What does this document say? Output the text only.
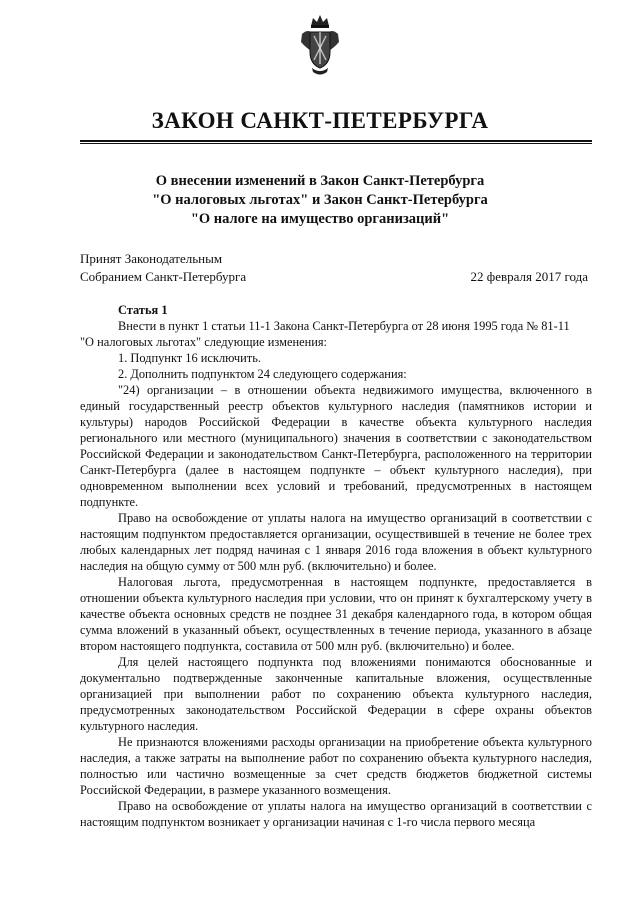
ЗАКОН САНКТ-ПЕТЕРБУРГА
О внесении изменений в Закон Санкт-Петербурга
"О налоговых льготах" и Закон Санкт-Петербурга
"О налоге на имущество организаций"
Принят Законодательным
Собранием Санкт-Петербурга	22 февраля 2017 года

Статья 1

Внести в пункт 1 статьи 11-1 Закона Санкт-Петербурга от 28 июня 1995 года № 81-11

"О налоговых льготах" следующие изменения:

1. Подпункт 16 исключить.

2. Дополнить подпунктом 24 следующего содержания:

"24) организации – в отношении объекта недвижимого имущества, включенного в единый государственный реестр объектов культурного наследия (памятников истории и культуры) народов Российской Федерации в качестве объекта культурного наследия регионального или местного (муниципального) значения в соответствии с законодательством Российской Федерации и законодательством Санкт-Петербурга, расположенного на территории Санкт-Петербурга (далее в настоящем подпункте – объект культурного наследия), при одновременном выполнении всех условий и требований, предусмотренных в настоящем подпункте.

Право на освобождение от уплаты налога на имущество организаций в соответствии с настоящим подпунктом предоставляется организации, осуществившей в течение не более трех любых календарных лет подряд начиная с 1 января 2016 года вложения в объект культурного наследия на общую сумму от 500 млн руб. (включительно) и более.

Налоговая льгота, предусмотренная в настоящем подпункте, предоставляется в отношении объекта культурного наследия при условии, что он принят к бухгалтерскому учету в качестве объекта основных средств не позднее 31 декабря календарного года, в котором общая сумма вложений в указанный объект, осуществленных в течение периода, указанного в абзаце втором настоящего подпункта, составила от 500 млн руб. (включительно) и более.

Для целей настоящего подпункта под вложениями понимаются обоснованные и документально подтвержденные законченные капитальные вложения, осуществленные организацией при выполнении работ по сохранению объекта культурного наследия, предусмотренных законодательством Российской Федерации в сфере охраны объектов культурного наследия.

Не признаются вложениями расходы организации на приобретение объекта культурного наследия, а также затраты на выполнение работ по сохранению объекта культурного наследия, полностью или частично возмещенные за счет средств бюджетов бюджетной системы Российской Федерации, в размере указанного возмещения.

Право на освобождение от уплаты налога на имущество организаций в соответствии с настоящим подпунктом возникает у организации начиная с 1-го числа первого месяца
